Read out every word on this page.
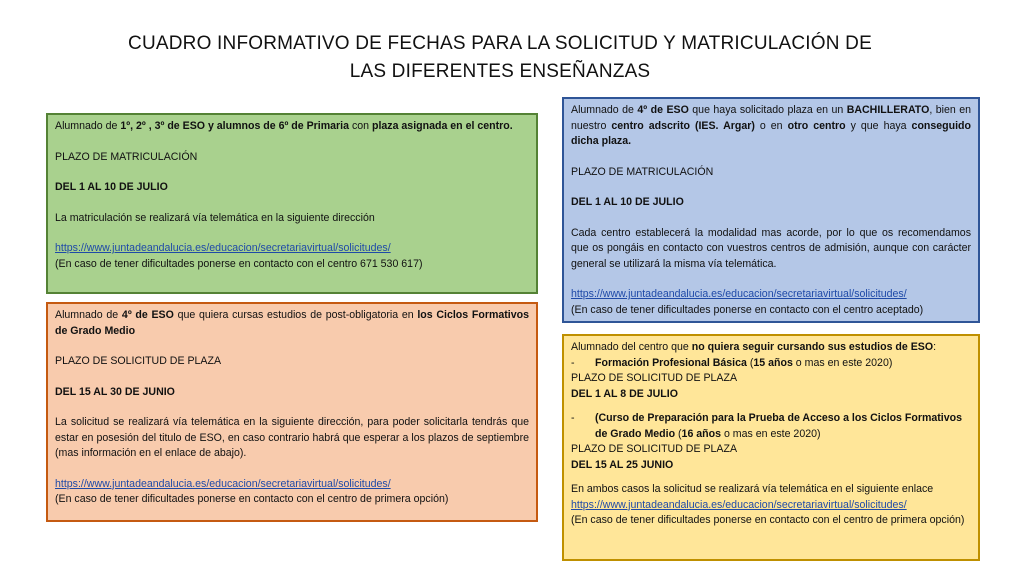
CUADRO INFORMATIVO DE FECHAS PARA LA SOLICITUD Y MATRICULACIÓN DE
LAS DIFERENTES ENSEÑANZAS

Alumnado de 1º, 2º , 3º de ESO y alumnos de 6º de Primaria con plaza asignada en el centro.

PLAZO DE MATRICULACIÓN

DEL 1 AL 10 DE JULIO

La matriculación se realizará vía telemática en la siguiente dirección

https://www.juntadeandalucia.es/educacion/secretariavirtual/solicitudes/

(En caso de tener dificultades ponerse en contacto con el centro 671 530 617)

Alumnado de 4º de ESO que quiera cursas estudios de post-obligatoria en los Ciclos Formativos de Grado Medio

PLAZO DE SOLICITUD DE PLAZA

DEL 15 AL 30 DE JUNIO

La solicitud se realizará vía telemática en la siguiente dirección, para poder solicitarla tendrás que estar en posesión del titulo de ESO, en caso contrario habrá que esperar a los plazos de septiembre (mas información en el enlace de abajo).

https://www.juntadeandalucia.es/educacion/secretariavirtual/solicitudes/

(En caso de tener dificultades ponerse en contacto con el centro de primera opción)

Alumnado de 4º de ESO que haya solicitado plaza en un BACHILLERATO, bien en nuestro centro adscrito (IES. Argar) o en otro centro y que haya conseguido dicha plaza.

PLAZO DE MATRICULACIÓN

DEL 1 AL 10 DE JULIO

Cada centro establecerá la modalidad mas acorde, por lo que os recomendamos que os pongáis en contacto con vuestros centros de admisión, aunque con carácter general se utilizará la misma vía telemática.

https://www.juntadeandalucia.es/educacion/secretariavirtual/solicitudes/

(En caso de tener dificultades ponerse en contacto con el centro aceptado)

Alumnado del centro que no quiera seguir cursando sus estudios de ESO:

-	Formación Profesional Básica (15 años o mas en este 2020)

PLAZO DE SOLICITUD DE PLAZA

DEL 1 AL 8 DE JULIO

-	(Curso de Preparación para la Prueba de Acceso a los Ciclos Formativos de Grado Medio (16 años o mas en este 2020)

PLAZO DE SOLICITUD DE PLAZA

DEL 15 AL 25 JUNIO

En ambos casos la solicitud se realizará vía telemática en el siguiente enlace

https://www.juntadeandalucia.es/educacion/secretariavirtual/solicitudes/

(En caso de tener dificultades ponerse en contacto con el centro de primera opción)
